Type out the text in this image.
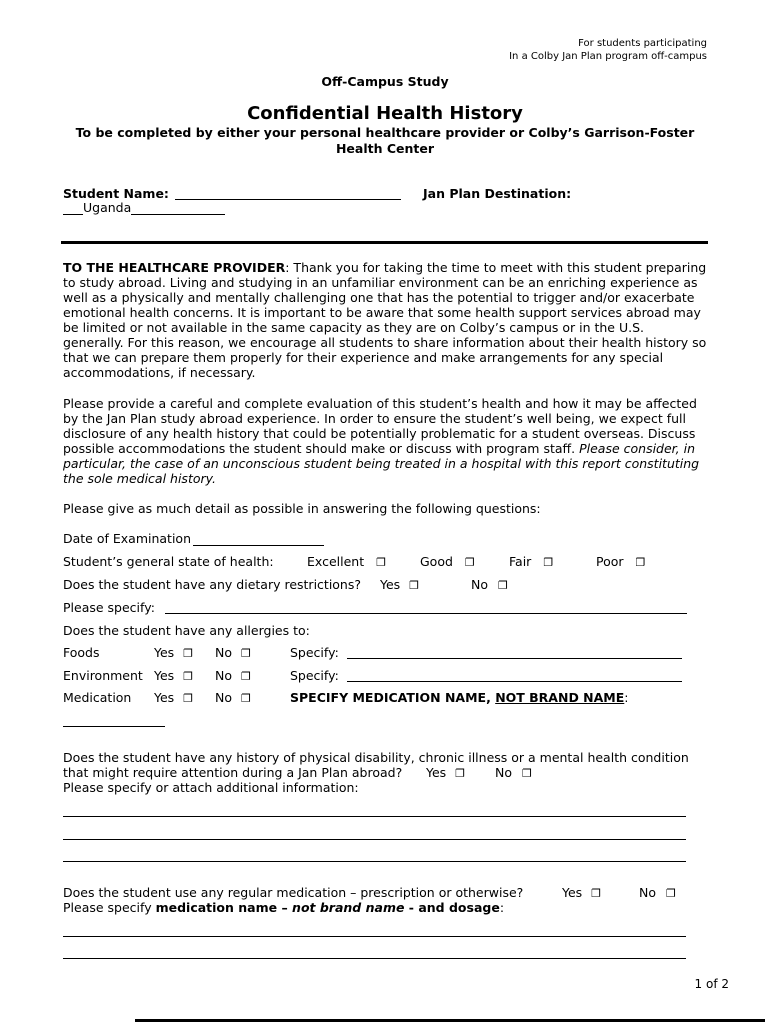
For students participating
In a Colby Jan Plan program off-campus
Off-Campus Study
Confidential Health History
To be completed by either your personal healthcare provider or Colby’s Garrison-Foster
Health Center
Student Name:	Jan Plan Destination:
Uganda
TO THE HEALTHCARE PROVIDER: Thank you for taking the time to meet with this student preparing to study abroad. Living and studying in an unfamiliar environment can be an enriching experience as well as a physically and mentally challenging one that has the potential to trigger and/or exacerbate emotional health concerns. It is important to be aware that some health support services abroad may be limited or not available in the same capacity as they are on Colby’s campus or in the U.S. generally. For this reason, we encourage all students to share information about their health history so that we can prepare them properly for their experience and make arrangements for any special accommodations, if necessary.
Please provide a careful and complete evaluation of this student’s health and how it may be affected by the Jan Plan study abroad experience. In order to ensure the student’s well being, we expect full disclosure of any health history that could be potentially problematic for a student overseas. Discuss possible accommodations the student should make or discuss with program staff. Please consider, in particular, the case of an unconscious student being treated in a hospital with this report constituting the sole medical history.
Please give as much detail as possible in answering the following questions:
Date of Examination
Student’s general state of health:	Excellent ❐	Good ❐	Fair ❐	Poor ❐
Does the student have any dietary restrictions? Yes ❐	No ❐
Please specify:
Does the student have any allergies to:
Foods	Yes ❐ No ❐	Specify:
Environment Yes ❐ No ❐	Specify:
Medication Yes ❐ No ❐	SPECIFY MEDICATION NAME, NOT BRAND NAME:
Does the student have any history of physical disability, chronic illness or a mental health condition
that might require attention during a Jan Plan abroad? Yes ❐ No ❐
Please specify or attach additional information:
Does the student use any regular medication – prescription or otherwise?	Yes ❐	No ❐
Please specify medication name – not brand name - and dosage:
1 of 2
